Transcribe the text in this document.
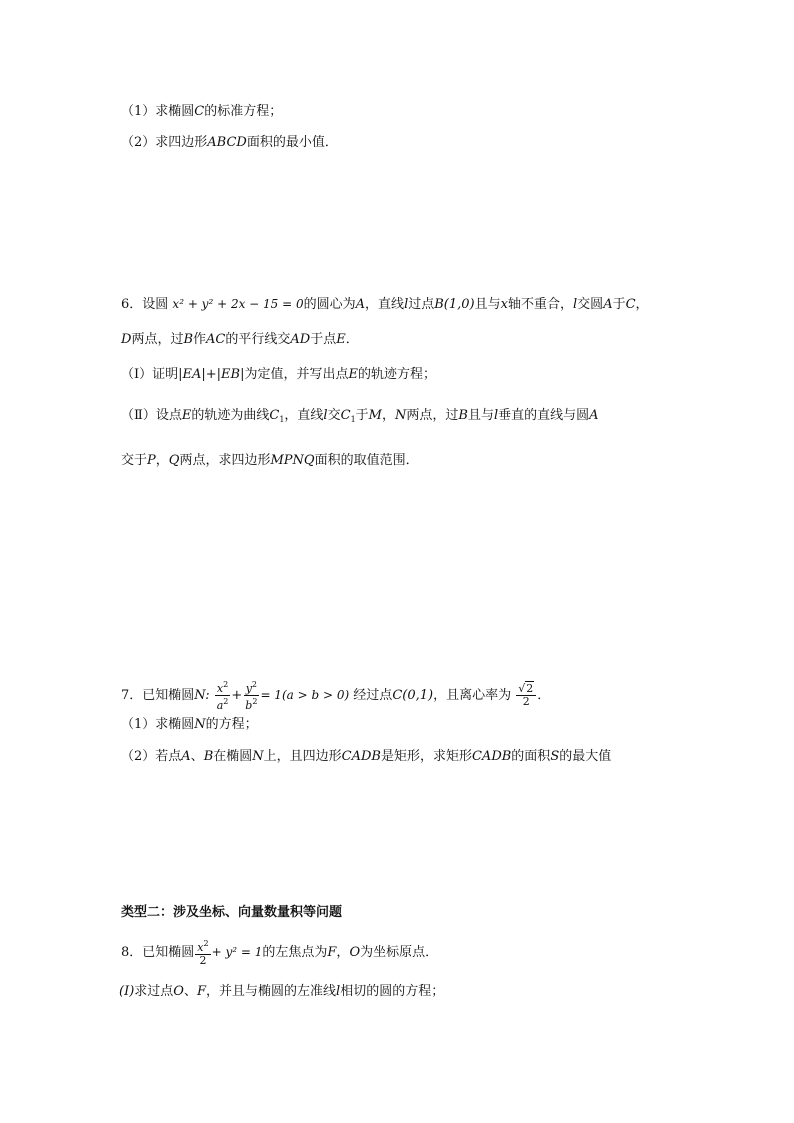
（1）求椭圆C的标准方程；
（2）求四边形ABCD面积的最小值．
6．设圆 x² + y² + 2x − 15 = 0的圆心为A，直线l过点B(1,0)且与x轴不重合，l交圆A于C，
D两点，过B作AC的平行线交AD于点E．
（Ⅰ）证明|EA|+|EB|为定值，并写出点E的轨迹方程；
（Ⅱ）设点E的轨迹为曲线$C_1$，直线l交$C_1$于M，N两点，过B且与l垂直的直线与圆A
交于P，Q两点，求四边形MPNQ面积的取值范围．
7．已知椭圆N: $\frac{x^2}{a^2} + \frac{y^2}{b^2} = 1(a > b > 0)$ 经过点C(0,1)，且离心率为 $\frac{√2}{2}$ ．
（1）求椭圆N的方程；
（2）若点A、B在椭圆N上，且四边形CADB是矩形，求矩形CADB的面积S的最大值
类型二：涉及坐标、向量数量积等问题
8．已知椭圆 $\frac{x^2}{2} + y^2 = 1$的左焦点为F，O为坐标原点．
(I)求过点O、F，并且与椭圆的左准线l相切的圆的方程；
